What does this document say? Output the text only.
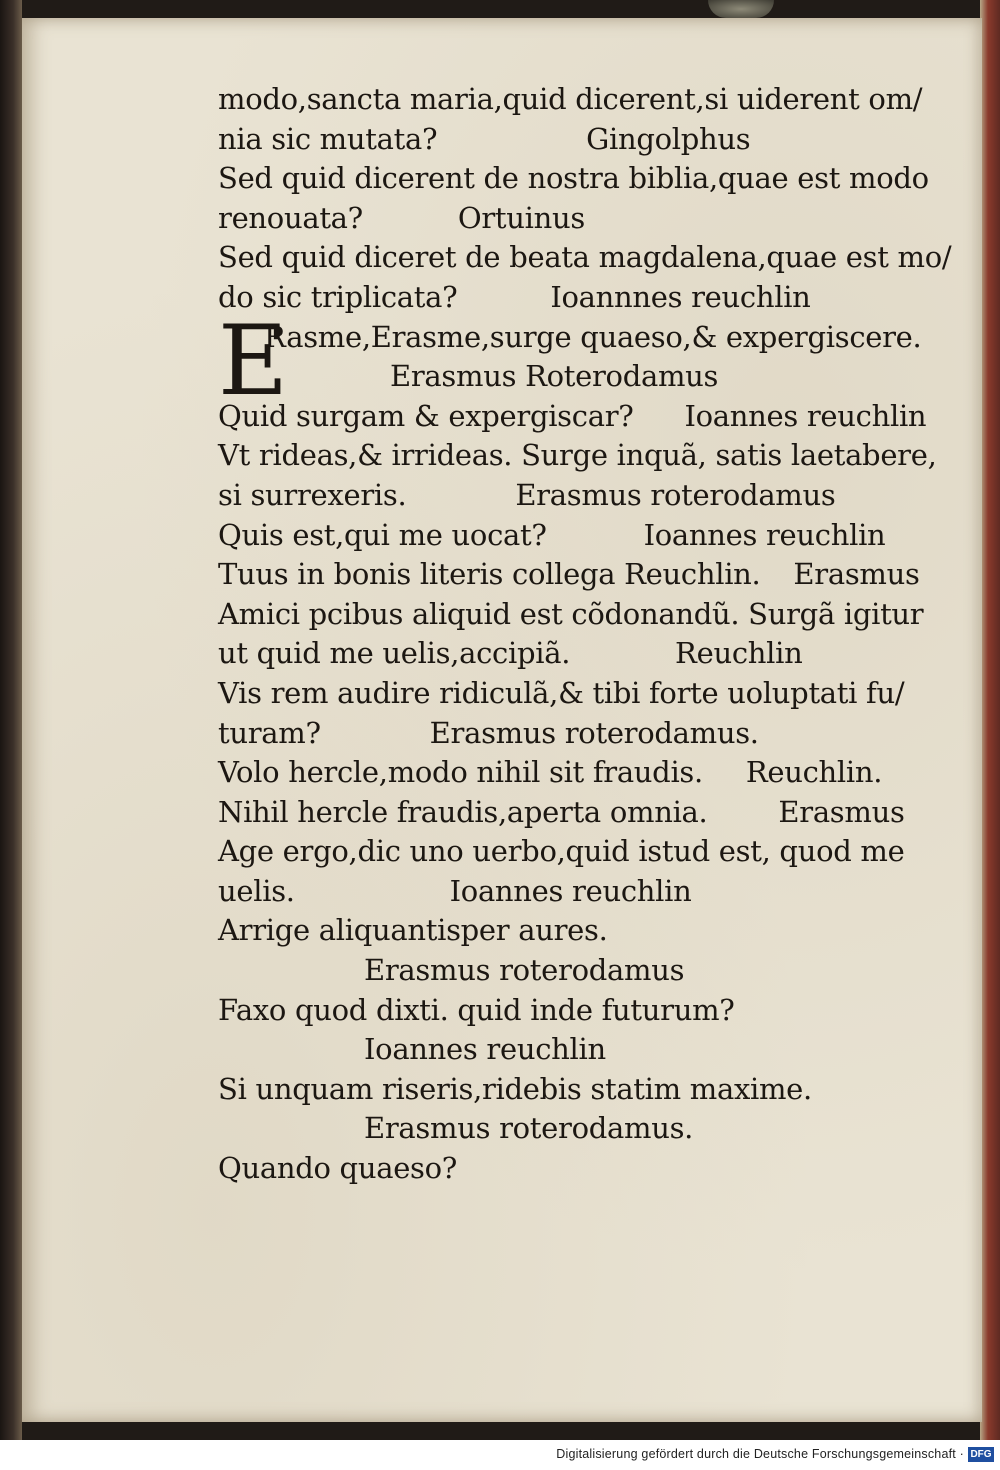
E
modo,sancta maria,quid dicerent,si uiderent om/
nia sic mutata?	Gingolphus
Sed quid dicerent de nostra biblia,quae est modo
renouata?	Ortuinus
Sed quid diceret de beata magdalena,quae est mo/
do sic triplicata?	Ioannnes reuchlin
Rasme,Erasme,surge quaeso,& expergiscere.
Erasmus Roterodamus
Quid surgam & expergiscar? Ioannes reuchlin
Vt rideas,& irrideas. Surge inquã, satis laetabere,
si surrexeris.	Erasmus roterodamus
Quis est,qui me uocat?	Ioannes reuchlin
Tuus in bonis literis collega Reuchlin. Erasmus
Amici pcibus aliquid est cõdonandũ. Surgã igitur
ut quid me uelis,accipiã.	Reuchlin
Vis rem audire ridiculã,& tibi forte uoluptati fu/
turam?	Erasmus roterodamus.
Volo hercle,modo nihil sit fraudis. Reuchlin.
Nihil hercle fraudis,aperta omnia. Erasmus
Age ergo,dic uno uerbo,quid istud est, quod me
uelis.	Ioannes reuchlin
Arrige aliquantisper aures.
Erasmus roterodamus
Faxo quod dixti. quid inde futurum?
Ioannes reuchlin
Si unquam riseris,ridebis statim maxime.
Erasmus roterodamus.
Quando quaeso?
Digitalisierung gefördert durch die Deutsche Forschungsgemeinschaft · DFG
